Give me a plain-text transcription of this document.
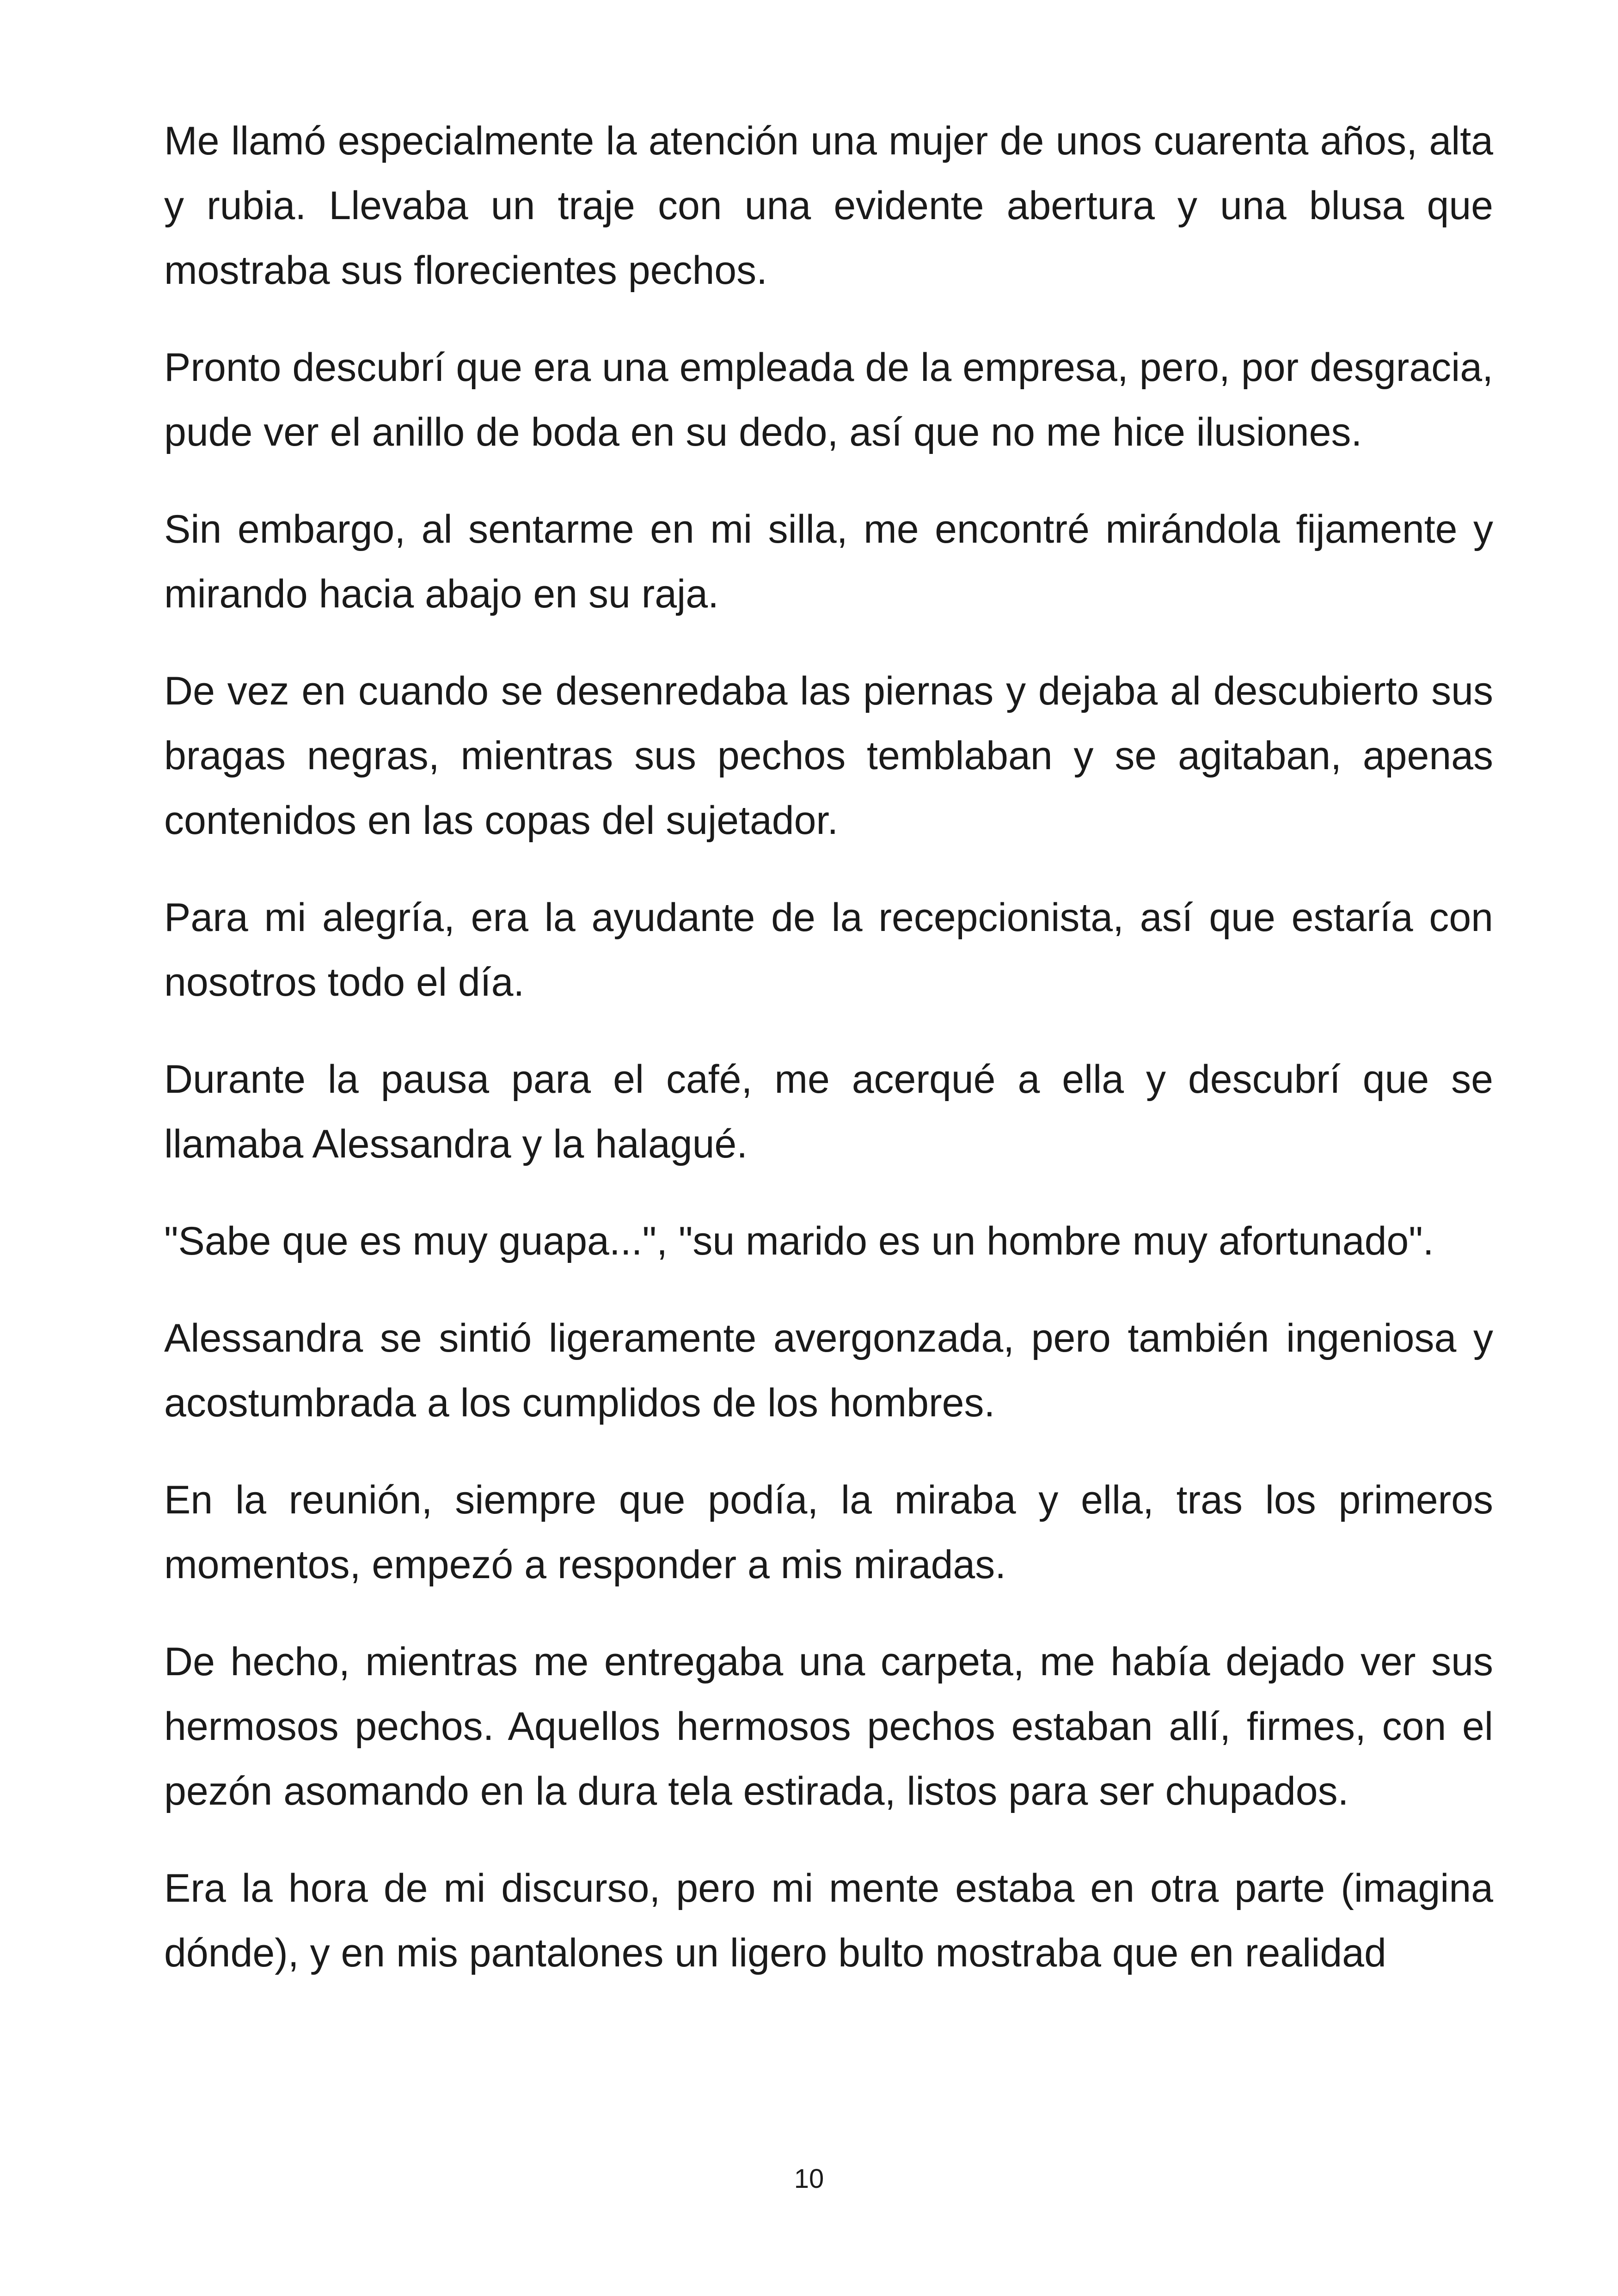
Me llamó especialmente la atención una mujer de unos cuarenta años, alta y rubia. Llevaba un traje con una evidente abertura y una blusa que mostraba sus florecientes pechos.

Pronto descubrí que era una empleada de la empresa, pero, por desgracia, pude ver el anillo de boda en su dedo, así que no me hice ilusiones.

Sin embargo, al sentarme en mi silla, me encontré mirándola fijamente y mirando hacia abajo en su raja.

De vez en cuando se desenredaba las piernas y dejaba al descubierto sus bragas negras, mientras sus pechos temblaban y se agitaban, apenas contenidos en las copas del sujetador.

Para mi alegría, era la ayudante de la recepcionista, así que estaría con nosotros todo el día.

Durante la pausa para el café, me acerqué a ella y descubrí que se llamaba Alessandra y la halagué.

"Sabe que es muy guapa...", "su marido es un hombre muy afortunado".

Alessandra se sintió ligeramente avergonzada, pero también ingeniosa y acostumbrada a los cumplidos de los hombres.

En la reunión, siempre que podía, la miraba y ella, tras los primeros momentos, empezó a responder a mis miradas.

De hecho, mientras me entregaba una carpeta, me había dejado ver sus hermosos pechos. Aquellos hermosos pechos estaban allí, firmes, con el pezón asomando en la dura tela estirada, listos para ser chupados.

Era la hora de mi discurso, pero mi mente estaba en otra parte (imagina dónde), y en mis pantalones un ligero bulto mostraba que en realidad

10
